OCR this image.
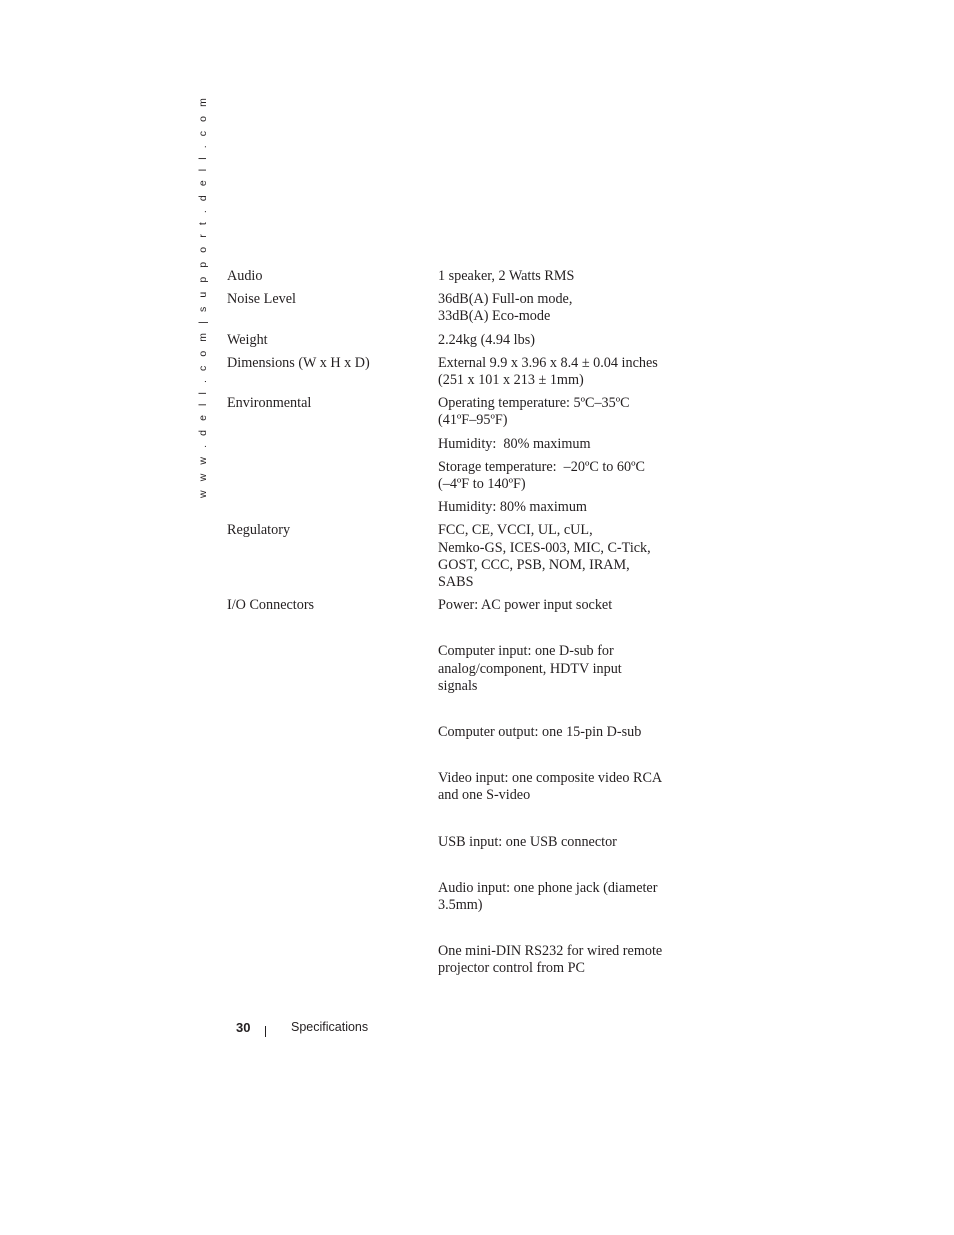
w w w . d e l l . c o m | s u p p o r t . d e l l . c o m Audio	1 speaker, 2 Watts RMS
Noise Level	36dB(A) Full-on mode,
33dB(A) Eco-mode
Weight	2.24kg (4.94 lbs)
Dimensions (W x H x D)	External 9.9 x 3.96 x 8.4 ± 0.04 inches
(251 x 101 x 213 ± 1mm)
Environmental	Operating temperature: 5ºC–35ºC
(41ºF–95ºF)
Humidity:  80% maximum
Storage temperature:  –20ºC to 60ºC
(–4ºF to 140ºF)
Humidity: 80% maximum
Regulatory	FCC, CE, VCCI, UL, cUL,
Nemko-GS, ICES-003, MIC, C-Tick,
GOST, CCC, PSB, NOM, IRAM,
SABS
I/O Connectors	Power: AC power input socket
Computer input: one D-sub for
analog/component, HDTV input
signals
Computer output: one 15-pin D-sub
Video input: one composite video RCA
and one S-video
USB input: one USB connector
Audio input: one phone jack (diameter
3.5mm)
One mini-DIN RS232 for wired remote
projector control from PC
30	Specifications
